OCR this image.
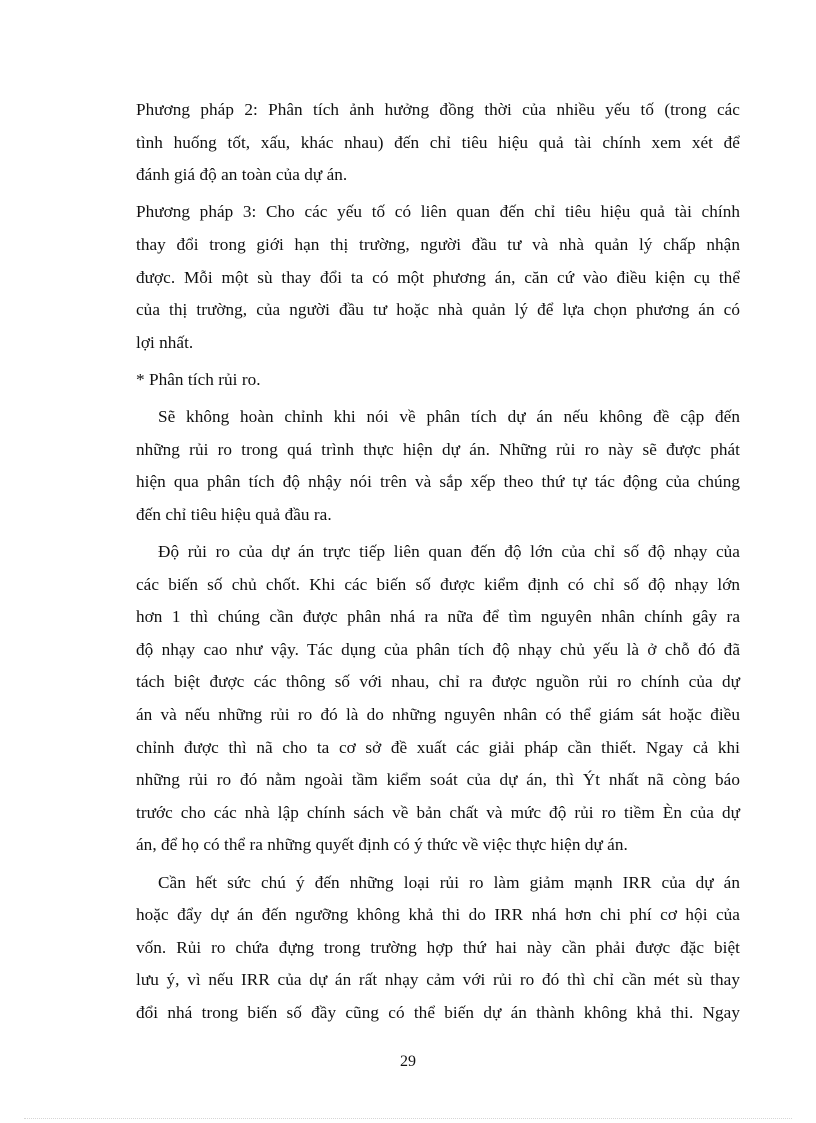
Phương pháp 2: Phân tích ảnh hưởng đồng thời của nhiều yếu tố (trong các
tình huống tốt, xấu, khác nhau) đến chỉ tiêu hiệu quả tài chính xem xét để
đánh giá độ an toàn của dự án.
Phương pháp 3: Cho các yếu tố có liên quan đến chỉ tiêu hiệu quả tài chính
thay đổi trong giới hạn thị trường, người đầu tư và nhà quản lý chấp nhận
được. Mỗi một sù thay đổi ta có một phương án, căn cứ vào điều kiện cụ thể
của thị trường, của người đầu tư hoặc nhà quản lý để lựa chọn phương án có
lợi nhất.
* Phân tích rủi ro.
Sẽ không hoàn chỉnh khi nói về phân tích dự án nếu không đề cập đến
những rủi ro trong quá trình thực hiện dự án. Những rủi ro này sẽ được phát
hiện qua phân tích độ nhậy nói trên và sắp xếp theo thứ tự tác động của chúng
đến chỉ tiêu hiệu quả đầu ra.
Độ rủi ro của dự án trực tiếp liên quan đến độ lớn của chỉ số độ nhạy của
các biến số chủ chốt. Khi các biến số được kiểm định có chỉ số độ nhạy lớn
hơn 1 thì chúng cần được phân nhá ra nữa để tìm nguyên nhân chính gây ra
độ nhạy cao như vậy. Tác dụng của phân tích độ nhạy chủ yếu là ở chỗ đó đã
tách biệt được các thông số với nhau, chỉ ra được nguồn rủi ro chính của dự
án và nếu những rủi ro đó là do những nguyên nhân có thể giám sát hoặc điều
chỉnh được thì nã cho ta cơ sở đề xuất các giải pháp cần thiết. Ngay cả khi
những rủi ro đó nằm ngoài tầm kiểm soát của dự án, thì Ýt nhất nã còng báo
trước cho các nhà lập chính sách về bản chất và mức độ rủi ro tiềm Èn của dự
án, để họ có thể ra những quyết định có ý thức về việc thực hiện dự án.
Cần hết sức chú ý đến những loại rủi ro làm giảm mạnh IRR của dự án
hoặc đẩy dự án đến ngưỡng không khả thi do IRR nhá hơn chi phí cơ hội của
vốn. Rủi ro chứa đựng trong trường hợp thứ hai này cần phải được đặc biệt
lưu ý, vì nếu IRR của dự án rất nhạy cảm với rủi ro đó thì chỉ cần mét sù thay
đổi nhá trong biến số đầy cũng có thể biến dự án thành không khả thi. Ngay
29
